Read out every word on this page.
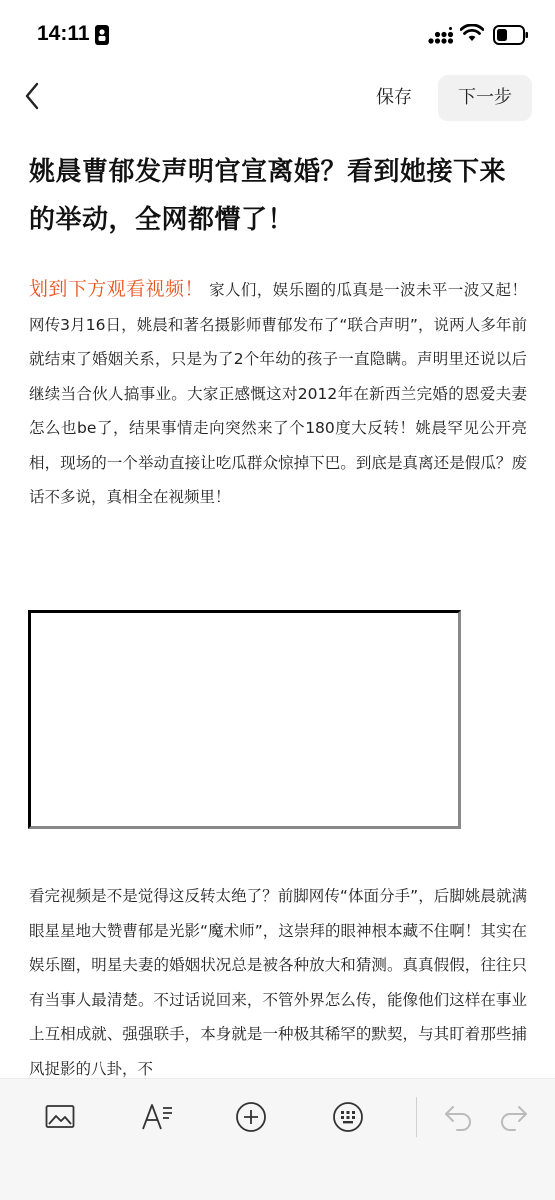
14:11
保存	下一步
姚晨曹郁发声明官宣离婚？看到她接下来的举动，全网都懵了！
划到下方观看视频！ 家人们，娱乐圈的瓜真是一波未平一波又起！网传3月16日，姚晨和著名摄影师曹郁发布了“联合声明”，说两人多年前就结束了婚姻关系，只是为了2个年幼的孩子一直隐瞒。声明里还说以后继续当合伙人搞事业。大家正感慨这对2012年在新西兰完婚的恩爱夫妻怎么也be了，结果事情走向突然来了个180度大反转！姚晨罕见公开亮相，现场的一个举动直接让吃瓜群众惊掉下巴。到底是真离还是假瓜？废话不多说，真相全在视频里！
看完视频是不是觉得这反转太绝了？前脚网传“体面分手”，后脚姚晨就满眼星星地大赞曹郁是光影“魔术师”，这崇拜的眼神根本藏不住啊！其实在娱乐圈，明星夫妻的婚姻状况总是被各种放大和猜测。真真假假，往往只有当事人最清楚。不过话说回来，不管外界怎么传，能像他们这样在事业上互相成就、强强联手，本身就是一种极其稀罕的默契，与其盯着那些捕风捉影的八卦，不
